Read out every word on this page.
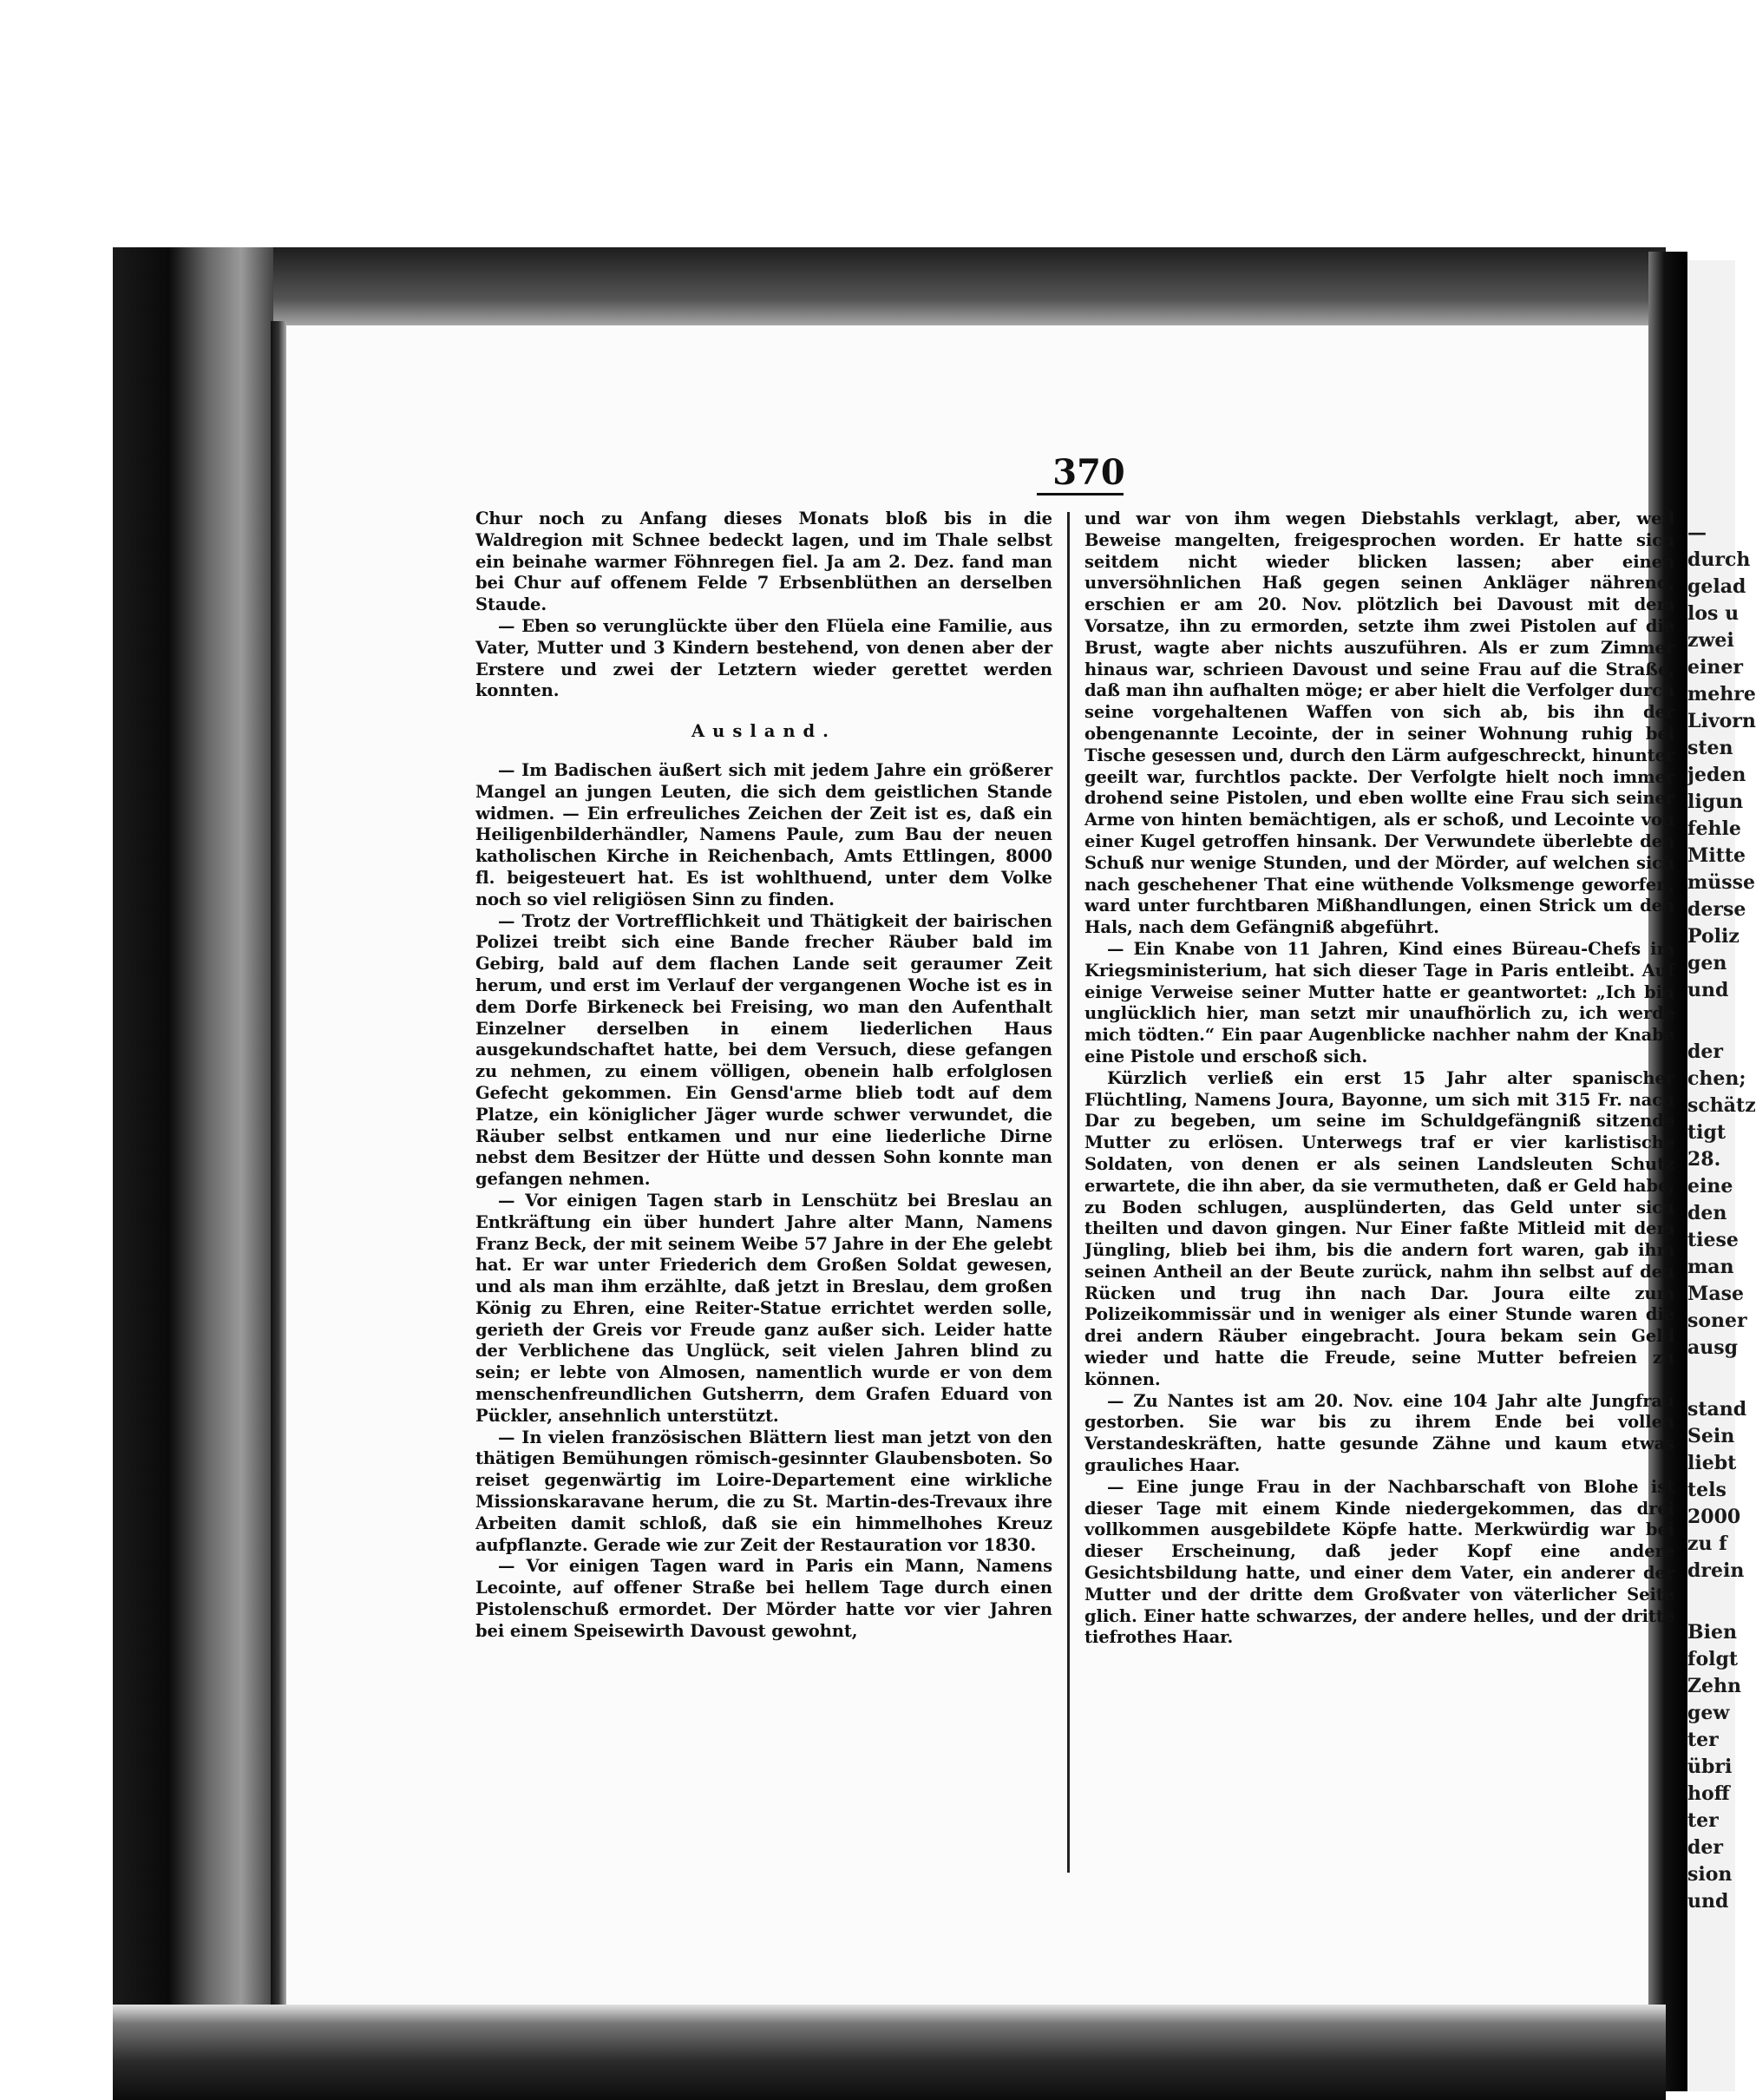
—
durch
gelad
los u
zwei
einer
mehre
Livorn
sten
jeden
ligun
fehle
Mitte
müsse
derse
Poliz
gen
und
der
chen;
schätz
tigt
28.
eine
den
tiese
man
Mase
soner
ausg
stand
Sein
liebt
tels
2000
zu f
drein
Bien
folgt
Zehn
gew
ter
übri
hoff
ter
der
sion
und
370

Chur noch zu Anfang dieses Monats bloß bis in die Waldregion mit Schnee bedeckt lagen, und im Thale selbst ein beinahe warmer Föhnregen fiel. Ja am 2. Dez. fand man bei Chur auf offenem Felde 7 Erbsenblüthen an derselben Staude.

— Eben so verunglückte über den Flüela eine Familie, aus Vater, Mutter und 3 Kindern bestehend, von denen aber der Erstere und zwei der Letztern wieder gerettet werden konnten.

Ausland.

— Im Badischen äußert sich mit jedem Jahre ein größerer Mangel an jungen Leuten, die sich dem geistlichen Stande widmen. — Ein erfreuliches Zeichen der Zeit ist es, daß ein Heiligenbilderhändler, Namens Paule, zum Bau der neuen katholischen Kirche in Reichenbach, Amts Ettlingen, 8000 fl. beigesteuert hat. Es ist wohlthuend, unter dem Volke noch so viel religiösen Sinn zu finden.

— Trotz der Vortrefflichkeit und Thätigkeit der bairischen Polizei treibt sich eine Bande frecher Räuber bald im Gebirg, bald auf dem flachen Lande seit geraumer Zeit herum, und erst im Verlauf der vergangenen Woche ist es in dem Dorfe Birkeneck bei Freising, wo man den Aufenthalt Einzelner derselben in einem liederlichen Haus ausgekundschaftet hatte, bei dem Versuch, diese gefangen zu nehmen, zu einem völligen, obenein halb erfolglosen Gefecht gekommen. Ein Gensd'arme blieb todt auf dem Platze, ein königlicher Jäger wurde schwer verwundet, die Räuber selbst entkamen und nur eine liederliche Dirne nebst dem Besitzer der Hütte und dessen Sohn konnte man gefangen nehmen.

— Vor einigen Tagen starb in Lenschütz bei Breslau an Entkräftung ein über hundert Jahre alter Mann, Namens Franz Beck, der mit seinem Weibe 57 Jahre in der Ehe gelebt hat. Er war unter Friederich dem Großen Soldat gewesen, und als man ihm erzählte, daß jetzt in Breslau, dem großen König zu Ehren, eine Reiter-Statue errichtet werden solle, gerieth der Greis vor Freude ganz außer sich. Leider hatte der Verblichene das Unglück, seit vielen Jahren blind zu sein; er lebte von Almosen, namentlich wurde er von dem menschenfreundlichen Gutsherrn, dem Grafen Eduard von Pückler, ansehnlich unterstützt.

— In vielen französischen Blättern liest man jetzt von den thätigen Bemühungen römisch-gesinnter Glaubensboten. So reiset gegenwärtig im Loire-Departement eine wirkliche Missionskaravane herum, die zu St. Martin-des-Trevaux ihre Arbeiten damit schloß, daß sie ein himmelhohes Kreuz aufpflanzte. Gerade wie zur Zeit der Restauration vor 1830.

— Vor einigen Tagen ward in Paris ein Mann, Namens Lecointe, auf offener Straße bei hellem Tage durch einen Pistolenschuß ermordet. Der Mörder hatte vor vier Jahren bei einem Speisewirth Davoust gewohnt,

und war von ihm wegen Diebstahls verklagt, aber, weil Beweise mangelten, freigesprochen worden. Er hatte sich seitdem nicht wieder blicken lassen; aber einen unversöhnlichen Haß gegen seinen Ankläger nährend, erschien er am 20. Nov. plötzlich bei Davoust mit dem Vorsatze, ihn zu ermorden, setzte ihm zwei Pistolen auf die Brust, wagte aber nichts auszuführen. Als er zum Zimmer hinaus war, schrieen Davoust und seine Frau auf die Straße, daß man ihn aufhalten möge; er aber hielt die Verfolger durch seine vorgehaltenen Waffen von sich ab, bis ihn der obengenannte Lecointe, der in seiner Wohnung ruhig bei Tische gesessen und, durch den Lärm aufgeschreckt, hinunter geeilt war, furchtlos packte. Der Verfolgte hielt noch immer drohend seine Pistolen, und eben wollte eine Frau sich seiner Arme von hinten bemächtigen, als er schoß, und Lecointe von einer Kugel getroffen hinsank. Der Verwundete überlebte den Schuß nur wenige Stunden, und der Mörder, auf welchen sich nach geschehener That eine wüthende Volksmenge geworfen, ward unter furchtbaren Mißhandlungen, einen Strick um den Hals, nach dem Gefängniß abgeführt.

— Ein Knabe von 11 Jahren, Kind eines Büreau-Chefs im Kriegsministerium, hat sich dieser Tage in Paris entleibt. Auf einige Verweise seiner Mutter hatte er geantwortet: „Ich bin unglücklich hier, man setzt mir unaufhörlich zu, ich werde mich tödten.“ Ein paar Augenblicke nachher nahm der Knabe eine Pistole und erschoß sich.

Kürzlich verließ ein erst 15 Jahr alter spanischer Flüchtling, Namens Joura, Bayonne, um sich mit 315 Fr. nach Dar zu begeben, um seine im Schuldgefängniß sitzende Mutter zu erlösen. Unterwegs traf er vier karlistische Soldaten, von denen er als seinen Landsleuten Schutz erwartete, die ihn aber, da sie vermutheten, daß er Geld habe, zu Boden schlugen, ausplünderten, das Geld unter sich theilten und davon gingen. Nur Einer faßte Mitleid mit dem Jüngling, blieb bei ihm, bis die andern fort waren, gab ihm seinen Antheil an der Beute zurück, nahm ihn selbst auf den Rücken und trug ihn nach Dar. Joura eilte zum Polizeikommissär und in weniger als einer Stunde waren die drei andern Räuber eingebracht. Joura bekam sein Geld wieder und hatte die Freude, seine Mutter befreien zu können.

— Zu Nantes ist am 20. Nov. eine 104 Jahr alte Jungfrau gestorben. Sie war bis zu ihrem Ende bei vollen Verstandeskräften, hatte gesunde Zähne und kaum etwas grauliches Haar.

— Eine junge Frau in der Nachbarschaft von Blohe ist dieser Tage mit einem Kinde niedergekommen, das drei vollkommen ausgebildete Köpfe hatte. Merkwürdig war bei dieser Erscheinung, daß jeder Kopf eine andere Gesichtsbildung hatte, und einer dem Vater, ein anderer der Mutter und der dritte dem Großvater von väterlicher Seite glich. Einer hatte schwarzes, der andere helles, und der dritte tiefrothes Haar.
